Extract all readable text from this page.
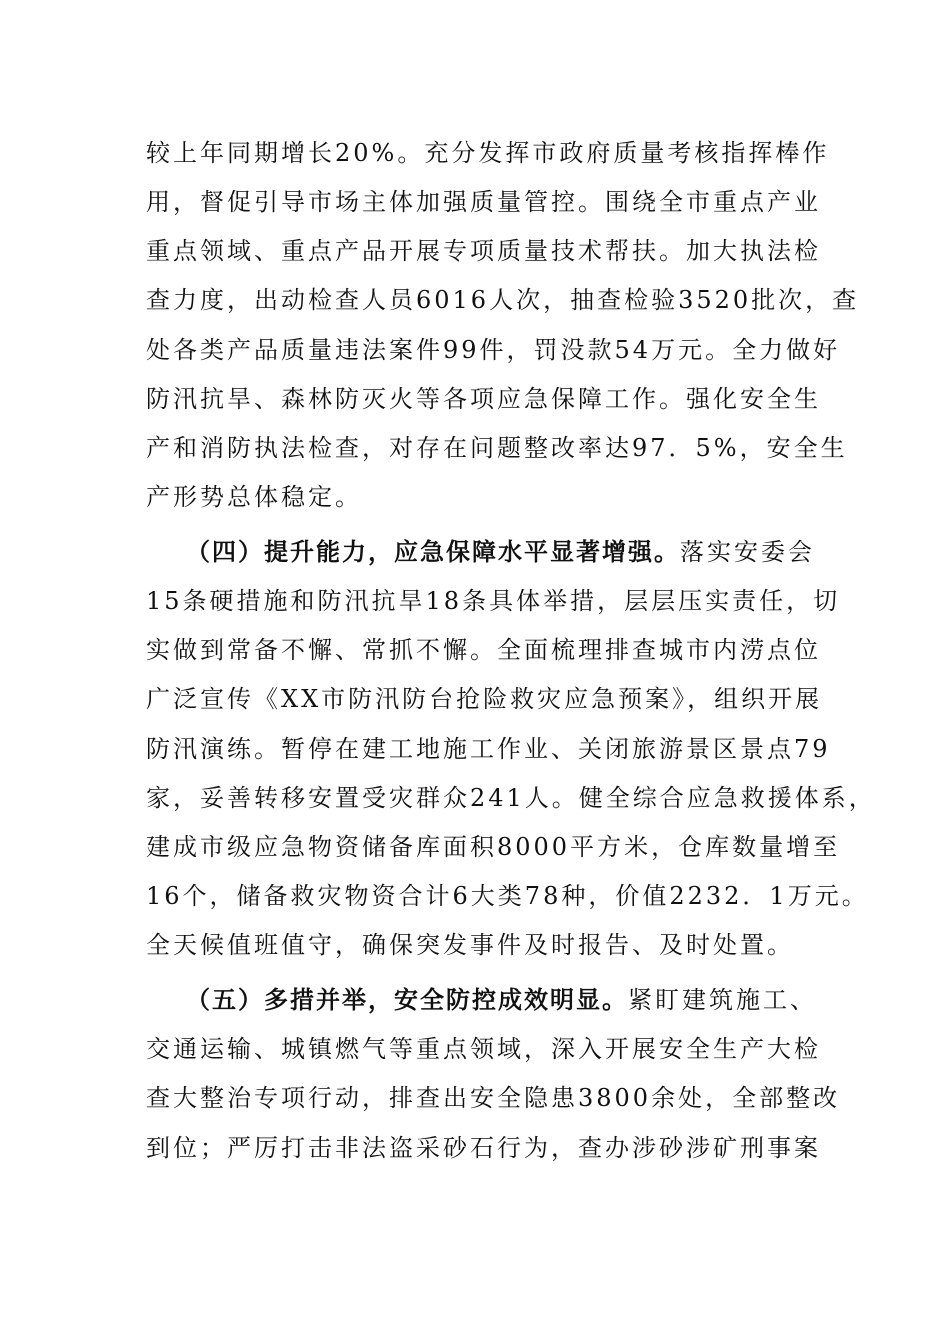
较上年同期增长20%。充分发挥市政府质量考核指挥棒作
用，督促引导市场主体加强质量管控。围绕全市重点产业
重点领域、重点产品开展专项质量技术帮扶。加大执法检
查力度，出动检查人员6016人次，抽查检验3520批次，查
处各类产品质量违法案件99件，罚没款54万元。全力做好
防汛抗旱、森林防灭火等各项应急保障工作。强化安全生
产和消防执法检查，对存在问题整改率达97．5%，安全生
产形势总体稳定。
（四）提升能力，应急保障水平显著增强。落实安委会
15条硬措施和防汛抗旱18条具体举措，层层压实责任，切
实做到常备不懈、常抓不懈。全面梳理排查城市内涝点位
广泛宣传《XX市防汛防台抢险救灾应急预案》，组织开展
防汛演练。暂停在建工地施工作业、关闭旅游景区景点79
家，妥善转移安置受灾群众241人。健全综合应急救援体系，
建成市级应急物资储备库面积8000平方米，仓库数量增至
16个，储备救灾物资合计6大类78种，价值2232．1万元。
全天候值班值守，确保突发事件及时报告、及时处置。
（五）多措并举，安全防控成效明显。紧盯建筑施工、
交通运输、城镇燃气等重点领域，深入开展安全生产大检
查大整治专项行动，排查出安全隐患3800余处，全部整改
到位；严厉打击非法盗采砂石行为，查办涉砂涉矿刑事案
